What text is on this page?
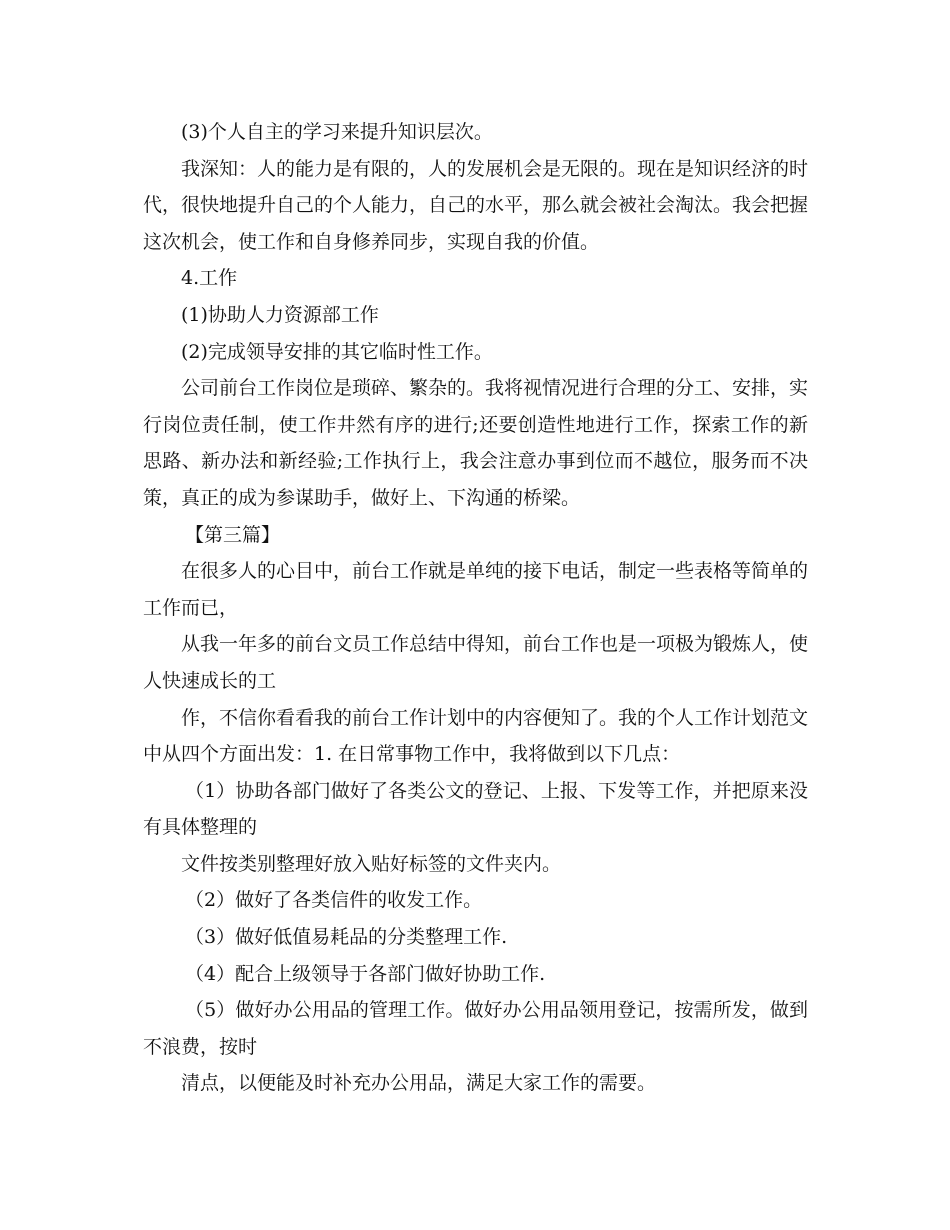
(3)个人自主的学习来提升知识层次。

我深知：人的能力是有限的，人的发展机会是无限的。现在是知识经济的时代，很快地提升自己的个人能力，自己的水平，那么就会被社会淘汰。我会把握这次机会，使工作和自身修养同步，实现自我的价值。

4.工作

(1)协助人力资源部工作

(2)完成领导安排的其它临时性工作。

公司前台工作岗位是琐碎、繁杂的。我将视情况进行合理的分工、安排，实行岗位责任制，使工作井然有序的进行;还要创造性地进行工作，探索工作的新思路、新办法和新经验;工作执行上，我会注意办事到位而不越位，服务而不决策，真正的成为参谋助手，做好上、下沟通的桥梁。

【第三篇】

在很多人的心目中，前台工作就是单纯的接下电话，制定一些表格等简单的工作而已，

从我一年多的前台文员工作总结中得知，前台工作也是一项极为锻炼人，使人快速成长的工

作，不信你看看我的前台工作计划中的内容便知了。我的个人工作计划范文中从四个方面出发：1. 在日常事物工作中，我将做到以下几点：

（1）协助各部门做好了各类公文的登记、上报、下发等工作，并把原来没有具体整理的

文件按类别整理好放入贴好标签的文件夹内。

（2）做好了各类信件的收发工作。

（3）做好低值易耗品的分类整理工作.

（4）配合上级领导于各部门做好协助工作.

（5）做好办公用品的管理工作。做好办公用品领用登记，按需所发，做到不浪费，按时

清点，以便能及时补充办公用品，满足大家工作的需要。
